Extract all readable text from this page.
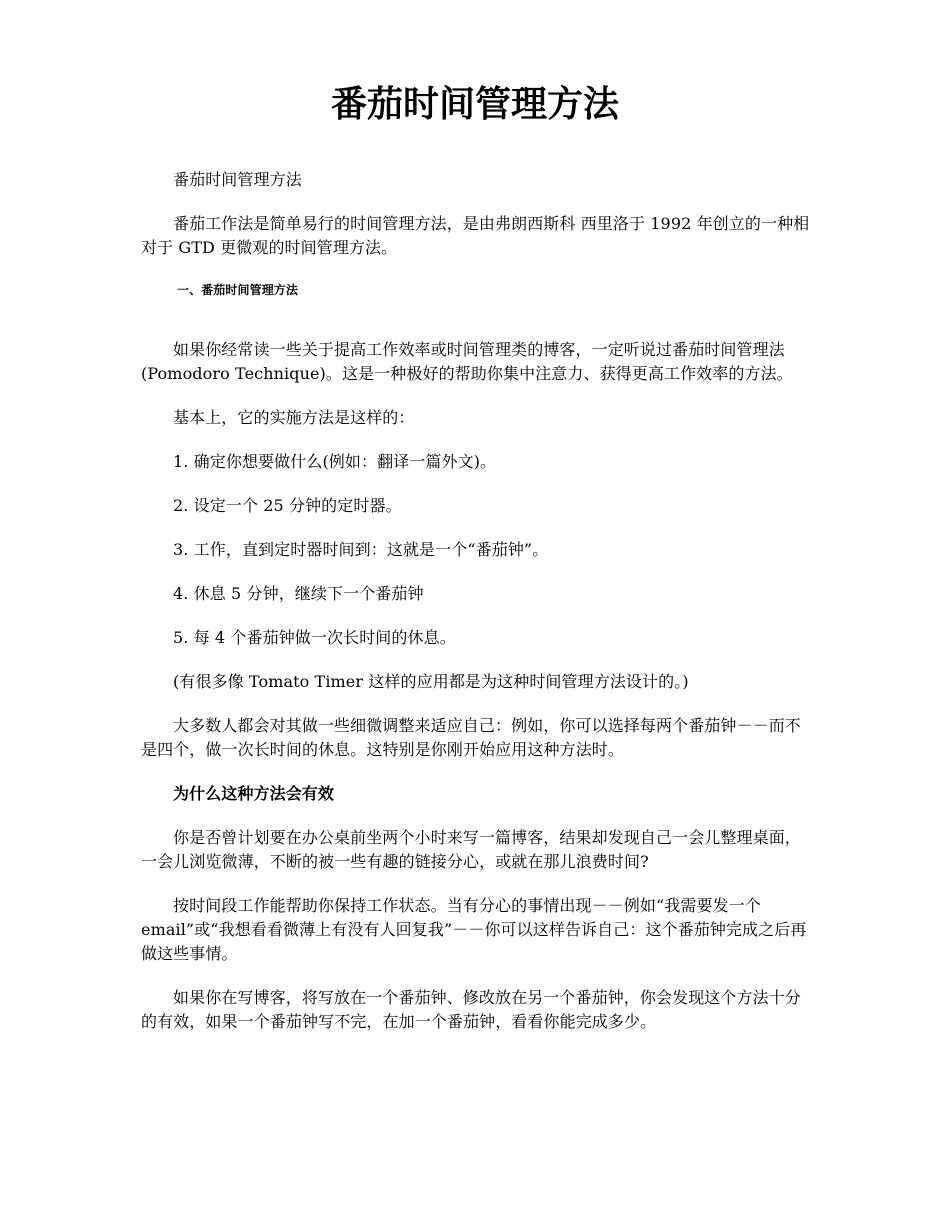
番茄时间管理方法

番茄时间管理方法

番茄工作法是简单易行的时间管理方法，是由弗朗西斯科 西里洛于 1992 年创立的一种相对于 GTD 更微观的时间管理方法。

一、番茄时间管理方法

如果你经常读一些关于提高工作效率或时间管理类的博客，一定听说过番茄时间管理法(Pomodoro Technique)。这是一种极好的帮助你集中注意力、获得更高工作效率的方法。

基本上，它的实施方法是这样的：

1. 确定你想要做什么(例如：翻译一篇外文)。

2. 设定一个 25 分钟的定时器。

3. 工作，直到定时器时间到：这就是一个“番茄钟”。

4. 休息 5 分钟，继续下一个番茄钟

5. 每 4 个番茄钟做一次长时间的休息。

(有很多像 Tomato Timer 这样的应用都是为这种时间管理方法设计的。)

大多数人都会对其做一些细微调整来适应自己：例如，你可以选择每两个番茄钟－－而不是四个，做一次长时间的休息。这特别是你刚开始应用这种方法时。

为什么这种方法会有效

你是否曾计划要在办公桌前坐两个小时来写一篇博客，结果却发现自己一会儿整理桌面，一会儿浏览微薄，不断的被一些有趣的链接分心，或就在那儿浪费时间?

按时间段工作能帮助你保持工作状态。当有分心的事情出现－－例如“我需要发一个 email”或“我想看看微薄上有没有人回复我”－－你可以这样告诉自己：这个番茄钟完成之后再做这些事情。

如果你在写博客，将写放在一个番茄钟、修改放在另一个番茄钟，你会发现这个方法十分的有效，如果一个番茄钟写不完，在加一个番茄钟，看看你能完成多少。
